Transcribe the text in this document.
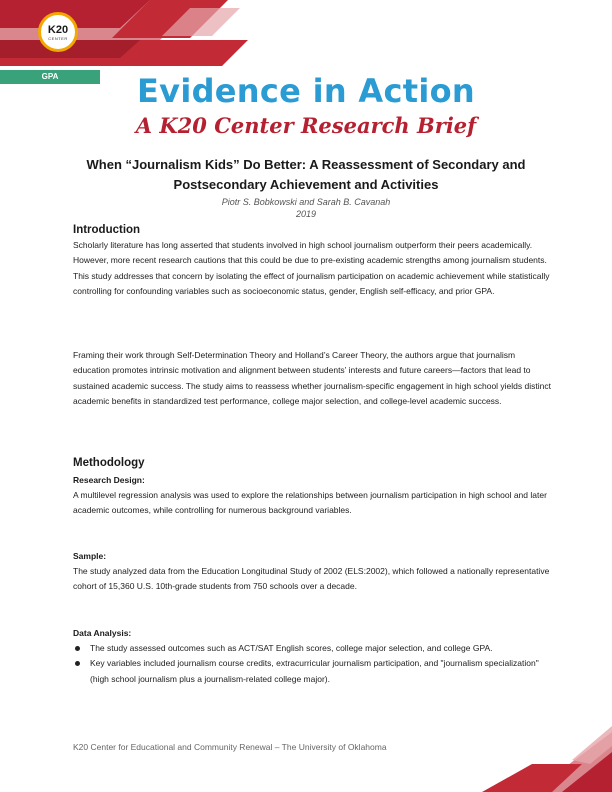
K20
CENTER
GPA	Evidence in Action
A K20 Center Research Brief
When “Journalism Kids” Do Better: A Reassessment of Secondary and Postsecondary Achievement and Activities
Piotr S. Bobkowski and Sarah B. Cavanah
2019
Introduction
Scholarly literature has long asserted that students involved in high school journalism outperform their peers academically. However, more recent research cautions that this could be due to pre-existing academic strengths among journalism students. This study addresses that concern by isolating the effect of journalism participation on academic achievement while statistically controlling for confounding variables such as socioeconomic status, gender, English self-efficacy, and prior GPA.
Framing their work through Self-Determination Theory and Holland’s Career Theory, the authors argue that journalism education promotes intrinsic motivation and alignment between students’ interests and future careers—factors that lead to sustained academic success. The study aims to reassess whether journalism-specific engagement in high school yields distinct academic benefits in standardized test performance, college major selection, and college-level academic success.
Methodology
Research Design:
A multilevel regression analysis was used to explore the relationships between journalism participation in high school and later academic outcomes, while controlling for numerous background variables.
Sample:
The study analyzed data from the Education Longitudinal Study of 2002 (ELS:2002), which followed a nationally representative cohort of 15,360 U.S. 10th-grade students from 750 schools over a decade.
Data Analysis:
The study assessed outcomes such as ACT/SAT English scores, college major selection, and college GPA.
Key variables included journalism course credits, extracurricular journalism participation, and "journalism specialization" (high school journalism plus a journalism-related college major).
K20 Center for Educational and Community Renewal – The University of Oklahoma
